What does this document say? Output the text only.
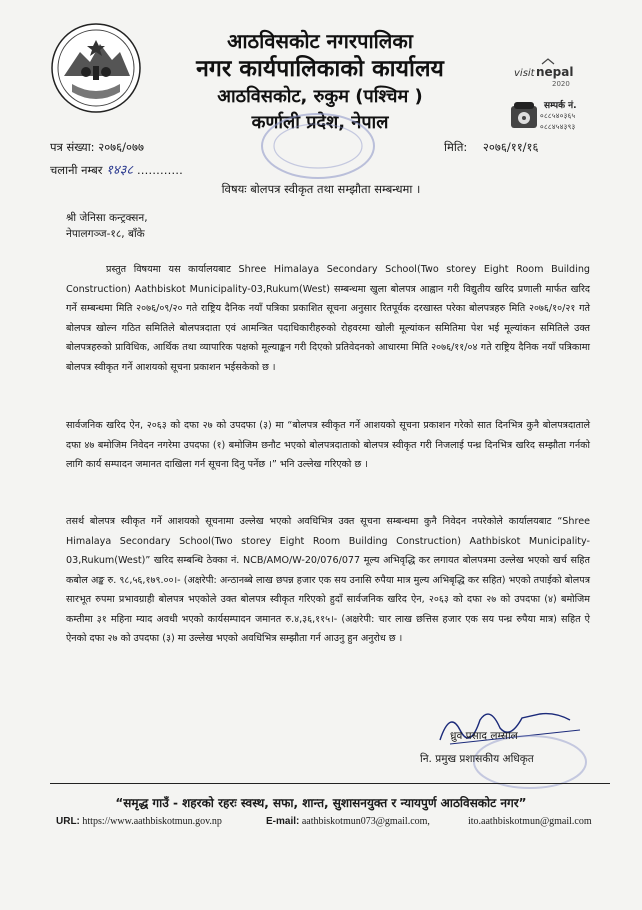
आठविसकोट नगरपालिका
नगर कार्यपालिकाको कार्यालय
आठविसकोट, रुकुम (पश्चिम )
कर्णाली प्रदेश, नेपाल
visit nepal
2020
सम्पर्क नं.
०८८५४०३६५
०८८४५४३९३
पत्र संख्या: २०७६/०७७
चलानी नम्बर १४३८ …………
मिति: २०७६/११/१६
विषयः बोलपत्र स्वीकृत तथा सम्झौता सम्बन्धमा ।
श्री जेनिसा कन्ट्रक्सन,
नेपालगञ्ज-१८, बाँके
प्रस्तुत विषयमा यस कार्यालयबाट Shree Himalaya Secondary School(Two storey Eight Room Building Construction) Aathbiskot Municipality-03,Rukum(West) सम्बन्धमा खुला बोलपत्र आह्वान गरी विद्युतीय खरिद प्रणाली मार्फत खरिद गर्ने सम्बन्धमा मिति २०७६/०९/२० गते राष्ट्रिय दैनिक नयाँ पत्रिका प्रकाशित सूचना अनुसार रितपूर्वक दरखास्त परेका बोलपत्रहरु मिति २०७६/१०/२१ गते बोलपत्र खोल्न गठित समितिले बोलपत्रदाता एवं आमन्त्रित पदाधिकारीहरुको रोहवरमा खोली मूल्यांकन समितिमा पेश भई मूल्यांकन समितिले उक्त बोलपत्रहरुको प्राविधिक, आर्थिक तथा व्यापारिक पक्षको मूल्याङ्कन गरी दिएको प्रतिवेदनको आधारमा मिति २०७६/११/०४ गते राष्ट्रिय दैनिक नयाँ पत्रिकामा बोलपत्र स्वीकृत गर्ने आशयको सूचना प्रकाशन भईसकेको छ ।
सार्वजनिक खरिद ऐन, २०६३ को दफा २७ को उपदफा (३) मा “बोलपत्र स्वीकृत गर्ने आशयको सूचना प्रकाशन गरेको सात दिनभित्र कुनै बोलपत्रदाताले दफा ४७ बमोजिम निवेदन नगरेमा उपदफा (१) बमोजिम छनौट भएको बोलपत्रदाताको बोलपत्र स्वीकृत गरी निजलाई पन्ध्र दिनभित्र खरिद सम्झौता गर्नको लागि कार्य सम्पादन जमानत दाखिला गर्न सूचना दिनु पर्नेछ ।” भनि उल्लेख गरिएको छ ।
तसर्थ बोलपत्र स्वीकृत गर्ने आशयको सूचनामा उल्लेख भएको अवधिभित्र उक्त सूचना सम्बन्धमा कुनै निवेदन नपरेकोले कार्यालयबाट “Shree Himalaya Secondary School(Two storey Eight Room Building Construction) Aathbiskot Municipality-03,Rukum(West)” खरिद सम्बन्धि ठेक्का नं. NCB/AMO/W-20/076/077 मूल्य अभिवृद्धि कर लगायत बोलपत्रमा उल्लेख भएको खर्च सहित कबोल अङ्क रु. ९८,५६,१७९.००।- (अक्षरेपी: अन्ठानब्बे लाख छपन्न हजार एक सय उनासि रुपैया मात्र मुल्य अभिबृद्धि कर सहित) भएको तपाईको बोलपत्र सारभूत रुपमा प्रभावग्राही बोलपत्र भएकोले उक्त बोलपत्र स्वीकृत गरिएको हुदाँ सार्वजनिक खरिद ऐन, २०६३ को दफा २७ को उपदफा (४) बमोजिम कम्तीमा ३१ महिना म्याद अवधी भएको कार्यसम्पादन जमानत रु.४,३६,११५।- (अक्षरेपी: चार लाख छत्तिस हजार एक सय पन्ध्र रुपैया मात्र) सहित ऐ ऐनको दफा २७ को उपदफा (३) मा उल्लेख भएको अवधिभित्र सम्झौता गर्न आउनु हुन अनुरोध छ ।
ध्रुव प्रसाद लम्साल
नि. प्रमुख प्रशासकीय अधिकृत
“समृद्ध गाउँ - शहरको रहरः स्वस्थ, सफा, शान्त, सुशासनयुक्त र न्यायपुर्ण आठविसकोट नगर”
URL: https://www.aathbiskotmun.gov.np	E-mail: aathbiskotmun073@gmail.com,	ito.aathbiskotmun@gmail.com
